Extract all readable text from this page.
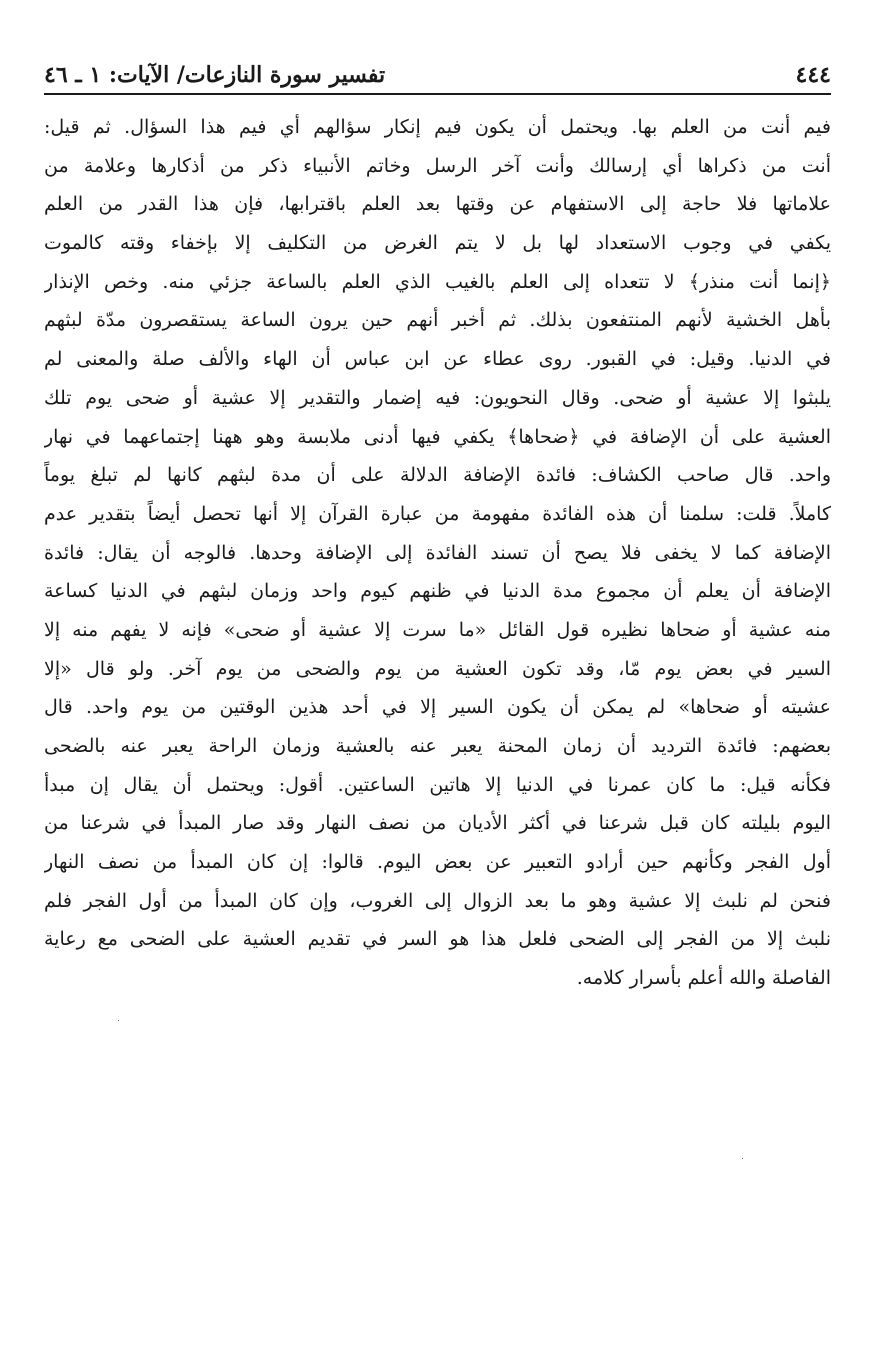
٤٤٤
تفسير سورة النازعات/ الآيات: ١ ـ ٤٦
فيم أنت من العلم بها. ويحتمل أن يكون فيم إنكار سؤالهم أي فيم هذا السؤال. ثم قيل:
أنت من ذكراها أي إرسالك وأنت آخر الرسل وخاتم الأنبياء ذكر من أذكارها وعلامة من
علاماتها فلا حاجة إلى الاستفهام عن وقتها بعد العلم باقترابها، فإن هذا القدر من العلم
يكفي في وجوب الاستعداد لها بل لا يتم الغرض من التكليف إلا بإخفاء وقته كالموت
﴿إنما أنت منذر﴾ لا تتعداه إلى العلم بالغيب الذي العلم بالساعة جزئي منه. وخص الإنذار
بأهل الخشية لأنهم المنتفعون بذلك. ثم أخبر أنهم حين يرون الساعة يستقصرون مدّة لبثهم
في الدنيا. وقيل: في القبور. روى عطاء عن ابن عباس أن الهاء والألف صلة والمعنى لم
يلبثوا إلا عشية أو ضحى. وقال النحويون: فيه إضمار والتقدير إلا عشية أو ضحى يوم تلك
العشية على أن الإضافة في ﴿ضحاها﴾ يكفي فيها أدنى ملابسة وهو ههنا إجتماعهما في نهار
واحد. قال صاحب الكشاف: فائدة الإضافة الدلالة على أن مدة لبثهم كانها لم تبلغ يوماً
كاملاً. قلت: سلمنا أن هذه الفائدة مفهومة من عبارة القرآن إلا أنها تحصل أيضاً بتقدير عدم
الإضافة كما لا يخفى فلا يصح أن تسند الفائدة إلى الإضافة وحدها. فالوجه أن يقال: فائدة
الإضافة أن يعلم أن مجموع مدة الدنيا في ظنهم كيوم واحد وزمان لبثهم في الدنيا كساعة
منه عشية أو ضحاها نظيره قول القائل «ما سرت إلا عشية أو ضحى» فإنه لا يفهم منه إلا
السير في بعض يوم مّا، وقد تكون العشية من يوم والضحى من يوم آخر. ولو قال «إلا
عشيته أو ضحاها» لم يمكن أن يكون السير إلا في أحد هذين الوقتين من يوم واحد. قال
بعضهم: فائدة الترديد أن زمان المحنة يعبر عنه بالعشية وزمان الراحة يعبر عنه بالضحى
فكأنه قيل: ما كان عمرنا في الدنيا إلا هاتين الساعتين. أقول: ويحتمل أن يقال إن مبدأ
اليوم بليلته كان قبل شرعنا في أكثر الأديان من نصف النهار وقد صار المبدأ في شرعنا من
أول الفجر وكأنهم حين أرادو التعبير عن بعض اليوم. قالوا: إن كان المبدأ من نصف النهار
فنحن لم نلبث إلا عشية وهو ما بعد الزوال إلى الغروب، وإن كان المبدأ من أول الفجر فلم
نلبث إلا من الفجر إلى الضحى فلعل هذا هو السر في تقديم العشية على الضحى مع رعاية
الفاصلة والله أعلم بأسرار كلامه.
